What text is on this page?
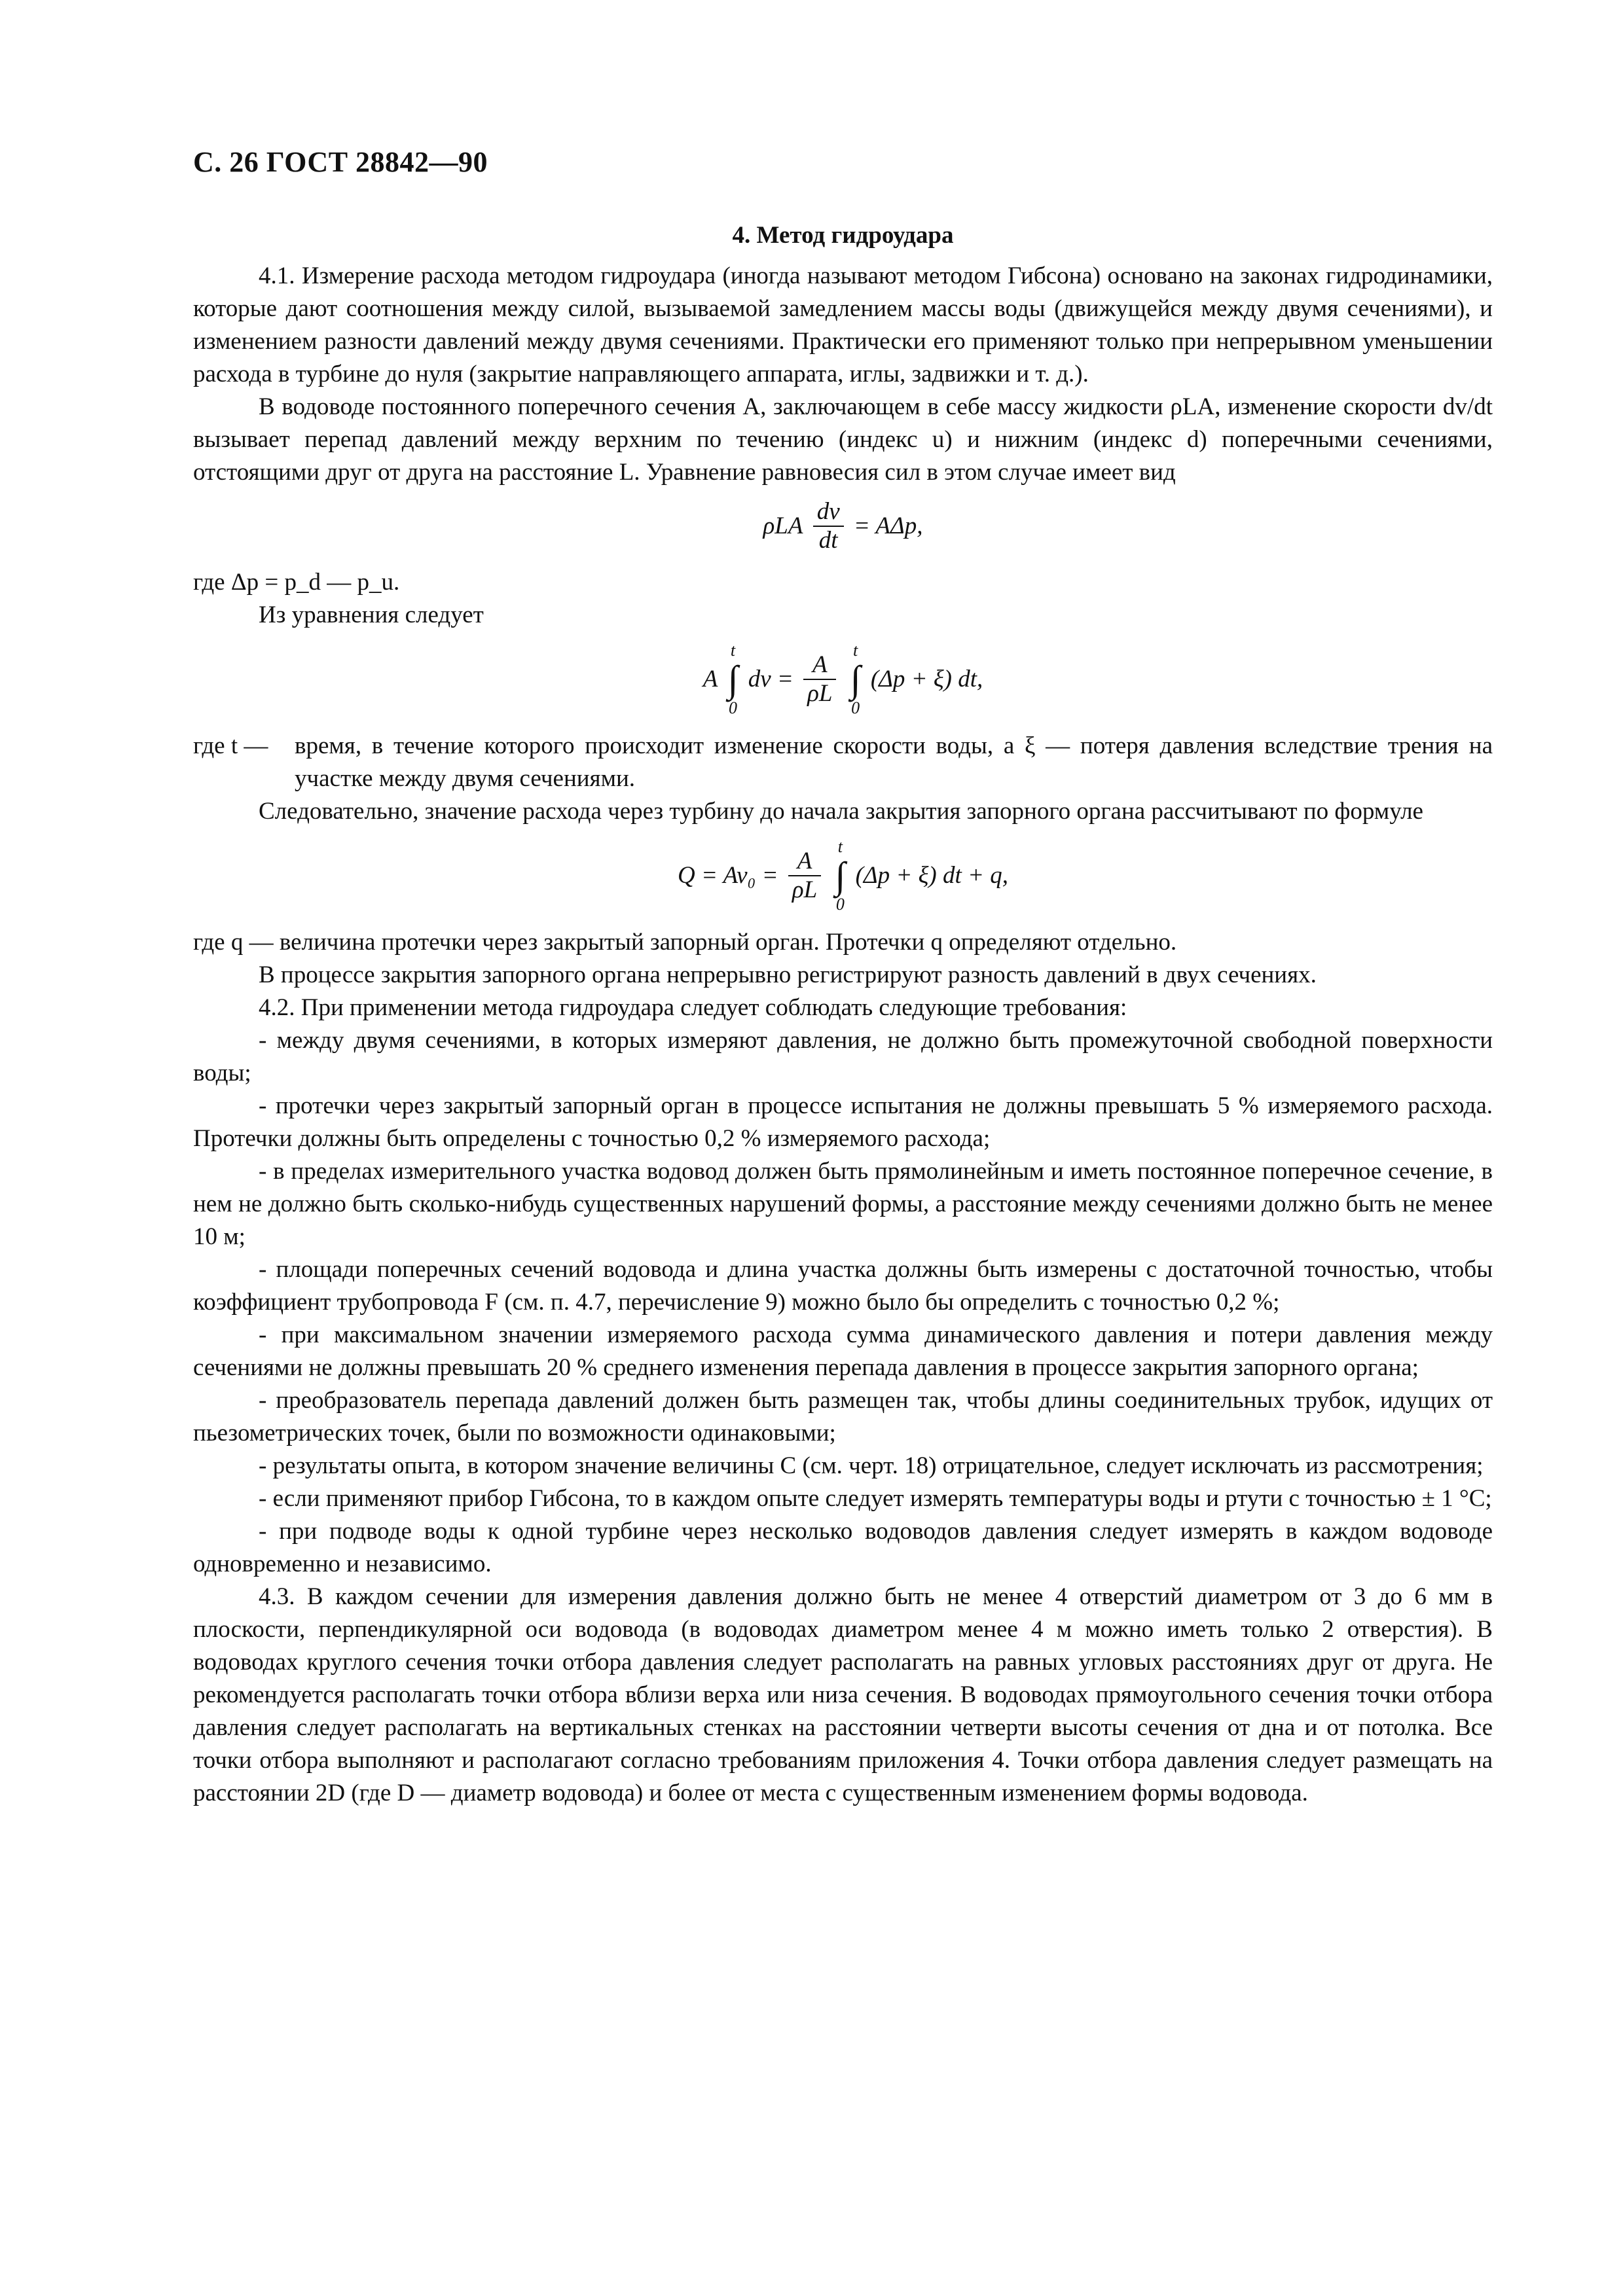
С. 26 ГОСТ 28842—90
4. Метод гидроудара

4.1. Измерение расхода методом гидроудара (иногда называют методом Гибсона) основано на законах гидродинамики, которые дают соотношения между силой, вызываемой замедлением массы воды (движущейся между двумя сечениями), и изменением разности давлений между двумя сечениями. Практически его применяют только при непрерывном уменьшении расхода в турбине до нуля (закрытие направляющего аппарата, иглы, задвижки и т. д.).

В водоводе постоянного поперечного сечения A, заключающем в себе массу жидкости ρLA, изменение скорости dv/dt вызывает перепад давлений между верхним по течению (индекс u) и нижним (индекс d) поперечными сечениями, отстоящими друг от друга на расстояние L. Уравнение равновесия сил в этом случае имеет вид

ρLA $\frac{dv}{dt} = A\Delta p$,

где Δp = p_d — p_u.

Из уравнения следует

A
t
∫
0
dv = $\frac{A}{\rho L}$

t
∫
0
(Δp + ξ) dt,
где t —	время, в течение которого происходит изменение скорости воды, а ξ — потеря давления вследствие трения на участке между двумя сечениями.

Следовательно, значение расхода через турбину до начала закрытия запорного органа рассчитывают по формуле

$Q = Av_0 = \frac{A}{\rho L}$

t
∫
0
(Δp + ξ) dt + q,

где q — величина протечки через закрытый запорный орган. Протечки q определяют отдельно.

В процессе закрытия запорного органа непрерывно регистрируют разность давлений в двух сечениях.

4.2. При применении метода гидроудара следует соблюдать следующие требования:

- между двумя сечениями, в которых измеряют давления, не должно быть промежуточной свободной поверхности воды;

- протечки через закрытый запорный орган в процессе испытания не должны превышать 5 % измеряемого расхода. Протечки должны быть определены с точностью 0,2 % измеряемого расхода;

- в пределах измерительного участка водовод должен быть прямолинейным и иметь постоянное поперечное сечение, в нем не должно быть сколько-нибудь существенных нарушений формы, а расстояние между сечениями должно быть не менее 10 м;

- площади поперечных сечений водовода и длина участка должны быть измерены с достаточной точностью, чтобы коэффициент трубопровода F (см. п. 4.7, перечисление 9) можно было бы определить с точностью 0,2 %;

- при максимальном значении измеряемого расхода сумма динамического давления и потери давления между сечениями не должны превышать 20 % среднего изменения перепада давления в процессе закрытия запорного органа;

- преобразователь перепада давлений должен быть размещен так, чтобы длины соединительных трубок, идущих от пьезометрических точек, были по возможности одинаковыми;

- результаты опыта, в котором значение величины C (см. черт. 18) отрицательное, следует исключать из рассмотрения;

- если применяют прибор Гибсона, то в каждом опыте следует измерять температуры воды и ртути с точностью ± 1 °C;

- при подводе воды к одной турбине через несколько водоводов давления следует измерять в каждом водоводе одновременно и независимо.

4.3. В каждом сечении для измерения давления должно быть не менее 4 отверстий диаметром от 3 до 6 мм в плоскости, перпендикулярной оси водовода (в водоводах диаметром менее 4 м можно иметь только 2 отверстия). В водоводах круглого сечения точки отбора давления следует располагать на равных угловых расстояниях друг от друга. Не рекомендуется располагать точки отбора вблизи верха или низа сечения. В водоводах прямоугольного сечения точки отбора давления следует располагать на вертикальных стенках на расстоянии четверти высоты сечения от дна и от потолка. Все точки отбора выполняют и располагают согласно требованиям приложения 4. Точки отбора давления следует размещать на расстоянии 2D (где D — диаметр водовода) и более от места с существенным изменением формы водовода.
